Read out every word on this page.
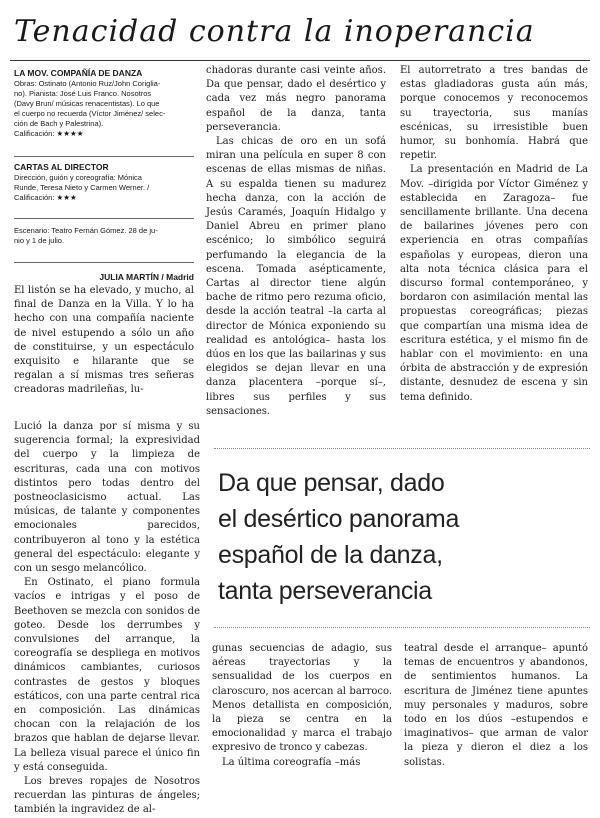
Tenacidad contra la inoperancia
LA MOV. COMPAÑÍA DE DANZA
Obras: Ostinato (Antonio Ruz/John Coriglia-
no). Pianista: José Luis Franco. Nosotros
(Davy Brun/ músicas renacentistas). Lo que
el cuerpo no recuerda (Víctor Jiménez/ selec-
ción de Bach y Palestrina).
Calificación: ★★★★
CARTAS AL DIRECTOR
Dirección, guión y coreografía: Mónica
Runde, Teresa Nieto y Carmen Werner. /
Calificación: ★★★
Escenario: Teatro Fernán Gómez. 28 de ju-
nio y 1 de julio.
JULIA MARTÍN / Madrid

El listón se ha elevado, y mucho, al final de Danza en la Villa. Y lo ha hecho con una compañía naciente de nivel estupendo a sólo un año de constituirse, y un espectáculo exquisito e hilarante que se regalan a sí mismas tres señeras creadoras madrileñas, lu-

chadoras durante casi veinte años. Da que pensar, dado el desértico y cada vez más negro panorama español de la danza, tanta perseverancia.

Las chicas de oro en un sofá miran una película en super 8 con escenas de ellas mismas de niñas. A su espalda tienen su madurez hecha danza, con la acción de Jesús Caramés, Joaquín Hidalgo y Daniel Abreu en primer plano escénico; lo simbólico seguirá perfumando la elegancia de la escena. Tomada asépticamente, Cartas al director tiene algún bache de ritmo pero rezuma oficio, desde la acción teatral –la carta al director de Mónica exponiendo su realidad es antológica– hasta los dúos en los que las bailarinas y sus elegidos se dejan llevar en una danza placentera –porque sí–, libres sus perfiles y sus sensaciones.

El autorretrato a tres bandas de estas gladiadoras gusta aún más, porque conocemos y reconocemos su trayectoria, sus manías escénicas, su irresistible buen humor, su bonhomía. Habrá que repetir.

La presentación en Madrid de La Mov. –dirigida por Víctor Giménez y establecida en Zaragoza– fue sencillamente brillante. Una decena de bailarines jóvenes pero con experiencia en otras compañías españolas y europeas, dieron una alta nota técnica clásica para el discurso formal contemporáneo, y bordaron con asimilación mental las propuestas coreográficas; piezas que compartían una misma idea de escritura estética, y el mismo fin de hablar con el movimiento: en una órbita de abstracción y de expresión distante, desnudez de escena y sin tema definido.

Lució la danza por sí misma y su sugerencia formal; la expresividad del cuerpo y la limpieza de escrituras, cada una con motivos distintos pero todas dentro del postneoclasicismo actual. Las músicas, de talante y componentes emocionales parecidos, contribuyeron al tono y la estética general del espectáculo: elegante y con un sesgo melancólico.

En Ostinato, el piano formula vacíos e intrigas y el poso de Beethoven se mezcla con sonidos de goteo. Desde los derrumbes y convulsiones del arranque, la coreografía se despliega en motivos dinámicos cambiantes, curiosos contrastes de gestos y bloques estáticos, con una parte central rica en composición. Las dinámicas chocan con la relajación de los brazos que hablan de dejarse llevar. La belleza visual parece el único fin y está conseguida.

Los breves ropajes de Nosotros recuerdan las pinturas de ángeles; también la ingravidez de al-

Da que pensar, dado
el desértico panorama
español de la danza,
tanta perseverancia

gunas secuencias de adagio, sus aéreas trayectorias y la sensualidad de los cuerpos en claroscuro, nos acercan al barroco. Menos detallista en composición, la pieza se centra en la emocionalidad y marca el trabajo expresivo de tronco y cabezas.

La última coreografía –más

teatral desde el arranque– apuntó temas de encuentros y abandonos, de sentimientos humanos. La escritura de Jiménez tiene apuntes muy personales y maduros, sobre todo en los dúos –estupendos e imaginativos– que arman de valor la pieza y dieron el diez a los solistas.
